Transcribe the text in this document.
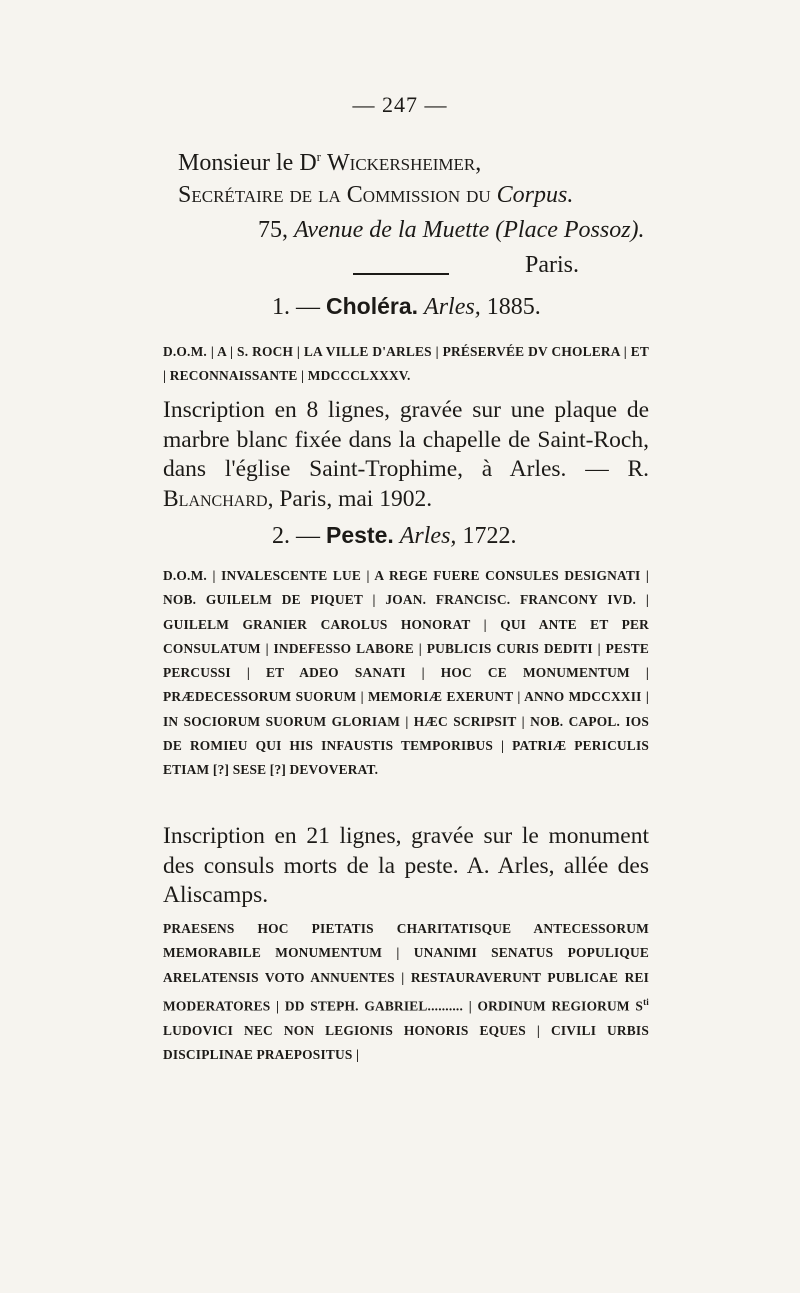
— 247 —
Monsieur le $D^r$ Wickersheimer,
Secrétaire de la Commission du Corpus.
75, Avenue de la Muette (Place Possoz).
Paris.
1. — Choléra. Arles, 1885.

D.O.M. | A | S. ROCH | LA VILLE D'ARLES | PRÉSERVÉE DV CHOLERA | ET | RECONNAISSANTE | MDCCCLXXXV.

Inscription en 8 lignes, gravée sur une plaque de marbre blanc fixée dans la chapelle de Saint-Roch, dans l'église Saint-Trophime, à Arles. — R. Blanchard, Paris, mai 1902.

2. — Peste. Arles, 1722.

D.O.M. | INVALESCENTE LUE | A REGE FUERE CONSULES DESIGNATI | NOB. GUILELM DE PIQUET | JOAN. FRANCISC. FRANCONY IVD. | GUILELM GRANIER CAROLUS HONORAT | QUI ANTE ET PER CONSULATUM | INDEFESSO LABORE | PUBLICIS CURIS DEDITI | PESTE PERCUSSI | ET ADEO SANATI | HOC CE MONUMENTUM | PRÆDECESSORUM SUORUM | MEMORIÆ EXERUNT | ANNO MDCCXXII | IN SOCIORUM SUORUM GLORIAM | HÆC SCRIPSIT | NOB. CAPOL. IOS DE ROMIEU QUI HIS INFAUSTIS TEMPORIBUS | PATRIÆ PERICULIS ETIAM [?] SESE [?] DEVOVERAT.

Inscription en 21 lignes, gravée sur le monument des consuls morts de la peste. A. Arles, allée des Aliscamps.

PRAESENS HOC PIETATIS CHARITATISQUE ANTECESSORUM MEMORABILE MONUMENTUM | UNANIMI SENATUS POPULIQUE ARELATENSIS VOTO ANNUENTES | RESTAURAVERUNT PUBLICAE REI MODERATORES | DD STEPH. GABRIEL.......... | ORDINUM REGIORUM $S^{ti}$ LUDOVICI NEC NON LEGIONIS HONORIS EQUES | CIVILI URBIS DISCIPLINAE PRAEPOSITUS |
